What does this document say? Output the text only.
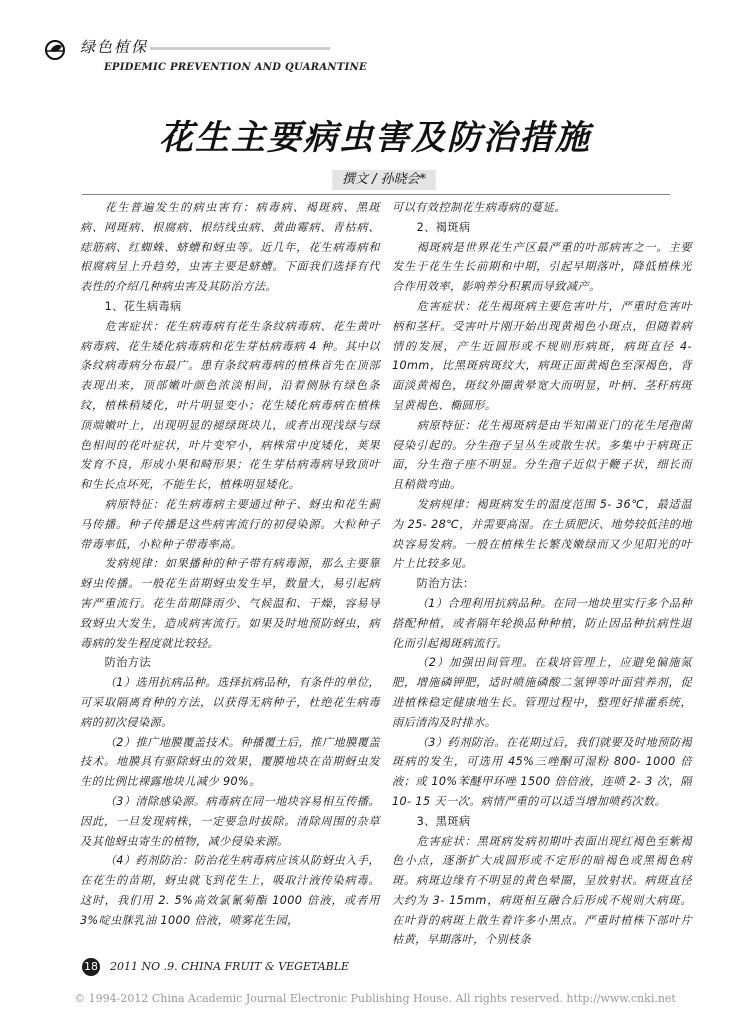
绿色植保
EPIDEMIC PREVENTION AND QUARANTINE
花生主要病虫害及防治措施
撰文 / 孙晓会*

花生普遍发生的病虫害有：病毒病、褐斑病、黑斑病、网斑病、根腐病、根结线虫病、黄曲霉病、青枯病、痣筋病、红蜘蛛、蛴螬和蚜虫等。近几年，花生病毒病和根腐病呈上升趋势，虫害主要是蛴螬。下面我们选择有代表性的介绍几种病虫害及其防治方法。

1、花生病毒病

危害症状：花生病毒病有花生条纹病毒病、花生黄叶病毒病、花生矮化病毒病和花生芽枯病毒病 4 种。其中以条纹病毒病分布最广。患有条纹病毒病的植株首先在顶部表现出来，顶部嫩叶颜色浓淡相间，沿着侧脉有绿色条纹，植株稍矮化，叶片明显变小；花生矮化病毒病在植株顶端嫩叶上，出现明显的褪绿斑块儿，或者出现浅绿与绿色相间的花叶症状，叶片变窄小，病株常中度矮化，荚果发育不良，形成小果和畸形果；花生芽枯病毒病导致顶叶和生长点坏死，不能生长，植株明显矮化。

病原特征：花生病毒病主要通过种子、蚜虫和花生蓟马传播。种子传播是这些病害流行的初侵染源。大粒种子带毒率低，小粒种子带毒率高。

发病规律：如果播种的种子带有病毒源，那么主要靠蚜虫传播。一般花生苗期蚜虫发生早，数量大，易引起病害严重流行。花生苗期降雨少、气候温和、干燥，容易导致蚜虫大发生，造成病害流行。如果及时地预防蚜虫，病毒病的发生程度就比较轻。

防治方法

（1）选用抗病品种。选择抗病品种，有条件的单位，可采取隔离育种的方法，以获得无病种子，杜绝花生病毒病的初次侵染源。

（2）推广地膜覆盖技术。种播覆土后，推广地膜覆盖技术。地膜具有驱除蚜虫的效果，覆膜地块在苗期蚜虫发生的比例比裸露地块儿减少 90%。

（3）清除感染源。病毒病在同一地块容易相互传播。因此，一旦发现病株，一定要急时拔除。清除周围的杂草及其他蚜虫寄生的植物，减少侵染来源。

（4）药剂防治：防治花生病毒病应该从防蚜虫入手，在花生的苗期，蚜虫就飞到花生上，吸取汁液传染病毒。这时，我们用 2. 5%高效氯氰菊酯 1000 倍液，或者用 3%啶虫脒乳油 1000 倍液，喷雾花生园，

可以有效控制花生病毒病的蔓延。

2、褐斑病

褐斑病是世界花生产区最严重的叶部病害之一。主要发生于花生生长前期和中期，引起早期落叶，降低植株光合作用效率，影响养分积累而导致减产。

危害症状：花生褐斑病主要危害叶片，严重时危害叶柄和茎杆。受害叶片刚开始出现黄褐色小斑点，但随着病情的发展，产生近圆形或不规则形病斑，病斑直径 4- 10mm，比黑斑病斑纹大，病斑正面黄褐色至深褐色，背面淡黄褐色，斑纹外圈黄晕宽大而明显，叶柄、茎秆病斑呈黄褐色、椭圆形。

病原特征：花生褐斑病是由半知菌亚门的花生尾孢菌侵染引起的。分生孢子呈丛生或散生状。多集中于病斑正面，分生孢子座不明显。分生孢子近似于鞭子状，细长而且稍微弯曲。

发病规律：褐斑病发生的温度范围 5- 36℃，最适温为 25- 28℃，并需要高湿。在土质肥沃、地势较低洼的地块容易发病。一般在植株生长繁茂嫩绿而又少见阳光的叶片上比较多见。

防治方法：

（1）合理利用抗病品种。在同一地块里实行多个品种搭配种植，或者隔年轮换品种种植，防止因品种抗病性退化而引起褐斑病流行。

（2）加强田间管理。在栽培管理上，应避免偏施氮肥，增施磷钾肥，适时喷施磷酸二氢钾等叶面营养剂，促进植株稳定健康地生长。管理过程中，整理好排灌系统，雨后清沟及时排水。

（3）药剂防治。在花期过后，我们就要及时地预防褐斑病的发生，可选用 45%三唑酮可湿粉 800- 1000 倍液；或 10%苯醚甲环唑 1500 倍倍液，连喷 2- 3 次，隔 10- 15 天一次。病情严重的可以适当增加喷药次数。

3、黑斑病

危害症状：黑斑病发病初期叶表面出现红褐色至紫褐色小点，逐渐扩大成圆形或不定形的暗褐色或黑褐色病斑。病斑边缘有不明显的黄色晕圈，呈放射状。病斑直径大约为 3- 15mm，病斑相互融合后形成不规则大病斑。在叶背的病斑上散生着许多小黑点。严重时植株下部叶片枯黄，早期落叶，个别枝条

18 2011 NO .9. CHINA FRUIT & VEGETABLE
© 1994-2012 China Academic Journal Electronic Publishing House. All rights reserved. http://www.cnki.net
